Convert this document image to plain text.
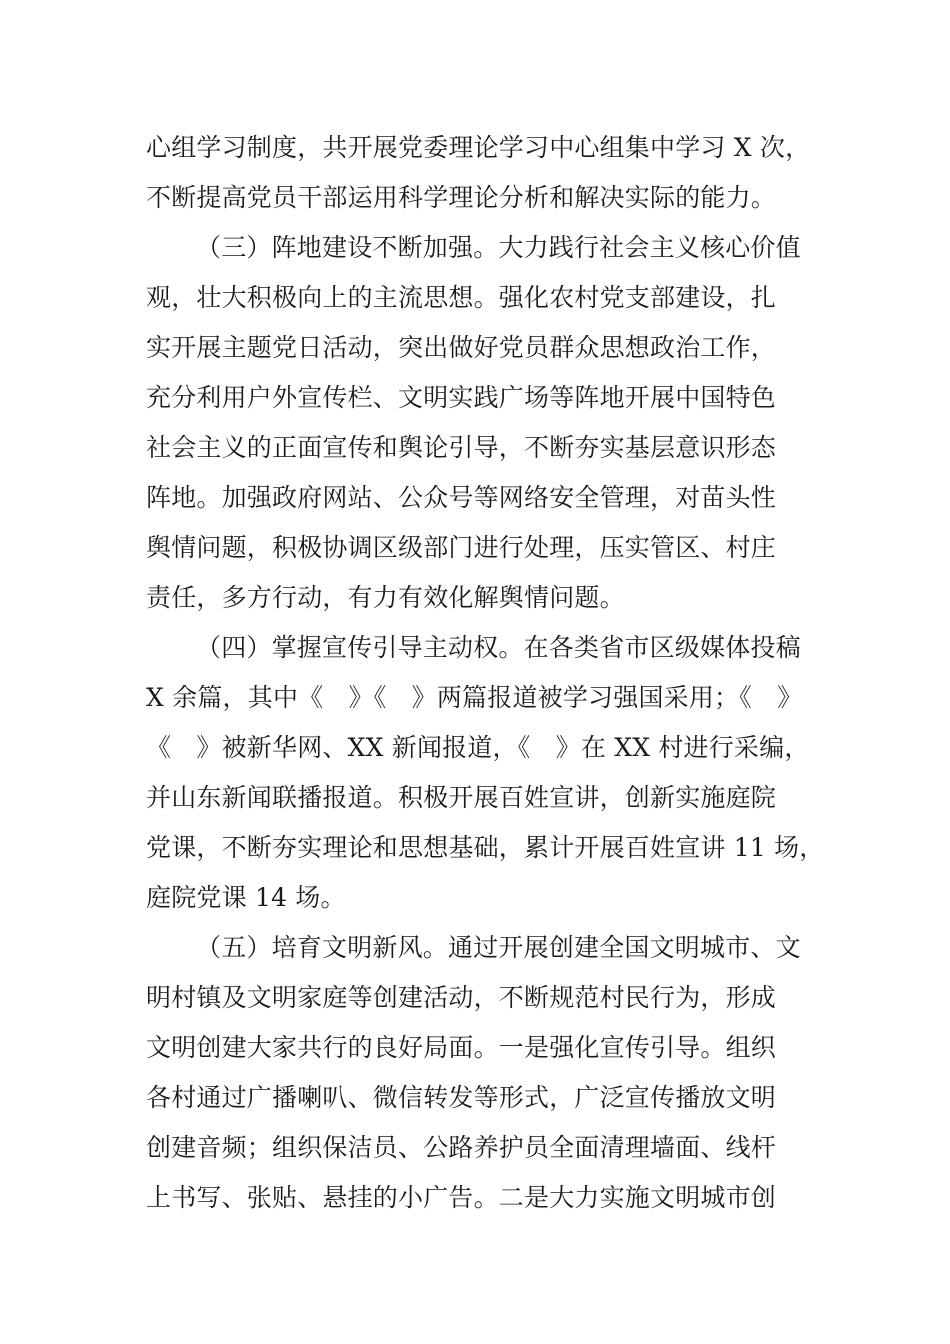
心组学习制度，共开展党委理论学习中心组集中学习 X 次，
不断提高党员干部运用科学理论分析和解决实际的能力。
（三）阵地建设不断加强。大力践行社会主义核心价值
观，壮大积极向上的主流思想。强化农村党支部建设，扎
实开展主题党日活动，突出做好党员群众思想政治工作，
充分利用户外宣传栏、文明实践广场等阵地开展中国特色
社会主义的正面宣传和舆论引导，不断夯实基层意识形态
阵地。加强政府网站、公众号等网络安全管理，对苗头性
舆情问题，积极协调区级部门进行处理，压实管区、村庄
责任，多方行动，有力有效化解舆情问题。
（四）掌握宣传引导主动权。在各类省市区级媒体投稿
X 余篇，其中《　》《　》两篇报道被学习强国采用；《　》
《　》被新华网、XX 新闻报道，《　》在 XX 村进行采编，
并山东新闻联播报道。积极开展百姓宣讲，创新实施庭院
党课，不断夯实理论和思想基础，累计开展百姓宣讲 11 场，
庭院党课 14 场。
（五）培育文明新风。通过开展创建全国文明城市、文
明村镇及文明家庭等创建活动，不断规范村民行为，形成
文明创建大家共行的良好局面。一是强化宣传引导。组织
各村通过广播喇叭、微信转发等形式，广泛宣传播放文明
创建音频；组织保洁员、公路养护员全面清理墙面、线杆
上书写、张贴、悬挂的小广告。二是大力实施文明城市创
